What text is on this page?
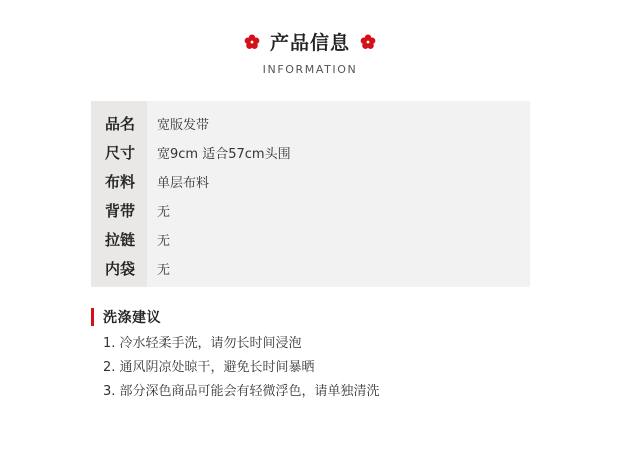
产品信息
INFORMATION
品名
尺寸
布料
背带
拉链
内袋
宽版发带
宽9cm 适合57cm头围
单层布料
无
无
无
洗涤建议
1. 冷水轻柔手洗，请勿长时间浸泡
2. 通风阴凉处晾干，避免长时间暴晒
3. 部分深色商品可能会有轻微浮色，请单独清洗
